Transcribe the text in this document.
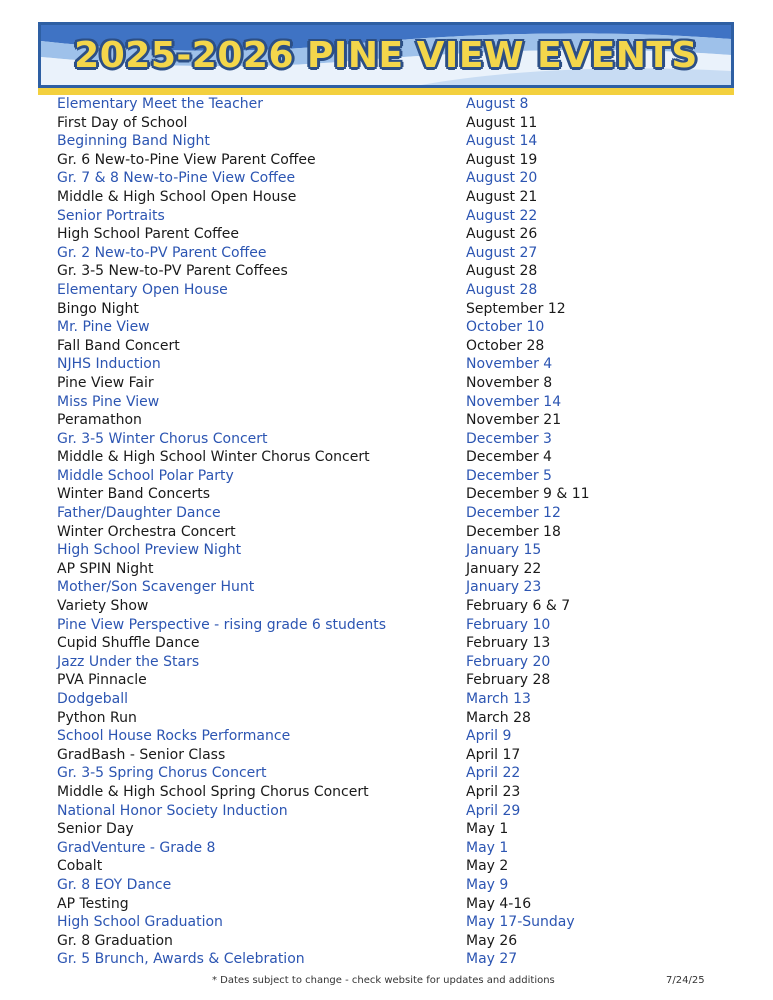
2025-2026 PINE VIEW EVENTS
Elementary Meet the Teacher	August 8
First Day of School	August 11
Beginning Band Night	August 14
Gr. 6 New-to-Pine View Parent Coffee	August 19
Gr. 7 & 8 New-to-Pine View Coffee	August 20
Middle & High School Open House	August 21
Senior Portraits	August 22
High School Parent Coffee	August 26
Gr. 2 New-to-PV Parent Coffee	August 27
Gr. 3-5 New-to-PV Parent Coffees	August 28
Elementary Open House	August 28
Bingo Night	September 12
Mr. Pine View	October 10
Fall Band Concert	October 28
NJHS Induction	November 4
Pine View Fair	November 8
Miss Pine View	November 14
Peramathon	November 21
Gr. 3-5 Winter Chorus Concert	December 3
Middle & High School Winter Chorus Concert	December 4
Middle School Polar Party	December 5
Winter Band Concerts	December 9 & 11
Father/Daughter Dance	December 12
Winter Orchestra Concert	December 18
High School Preview Night	January 15
AP SPIN Night	January 22
Mother/Son Scavenger Hunt	January 23
Variety Show	February 6 & 7
Pine View Perspective - rising grade 6 students	February 10
Cupid Shuffle Dance	February 13
Jazz Under the Stars	February 20
PVA Pinnacle	February 28
Dodgeball	March 13
Python Run	March 28
School House Rocks Performance	April 9
GradBash - Senior Class	April 17
Gr. 3-5 Spring Chorus Concert	April 22
Middle & High School Spring Chorus Concert	April 23
National Honor Society Induction	April 29
Senior Day	May 1
GradVenture - Grade 8	May 1
Cobalt	May 2
Gr. 8 EOY Dance	May 9
AP Testing	May 4-16
High School Graduation	May 17-Sunday
Gr. 8 Graduation	May 26
Gr. 5 Brunch, Awards & Celebration	May 27
* Dates subject to change - check website for updates and additions	7/24/25
